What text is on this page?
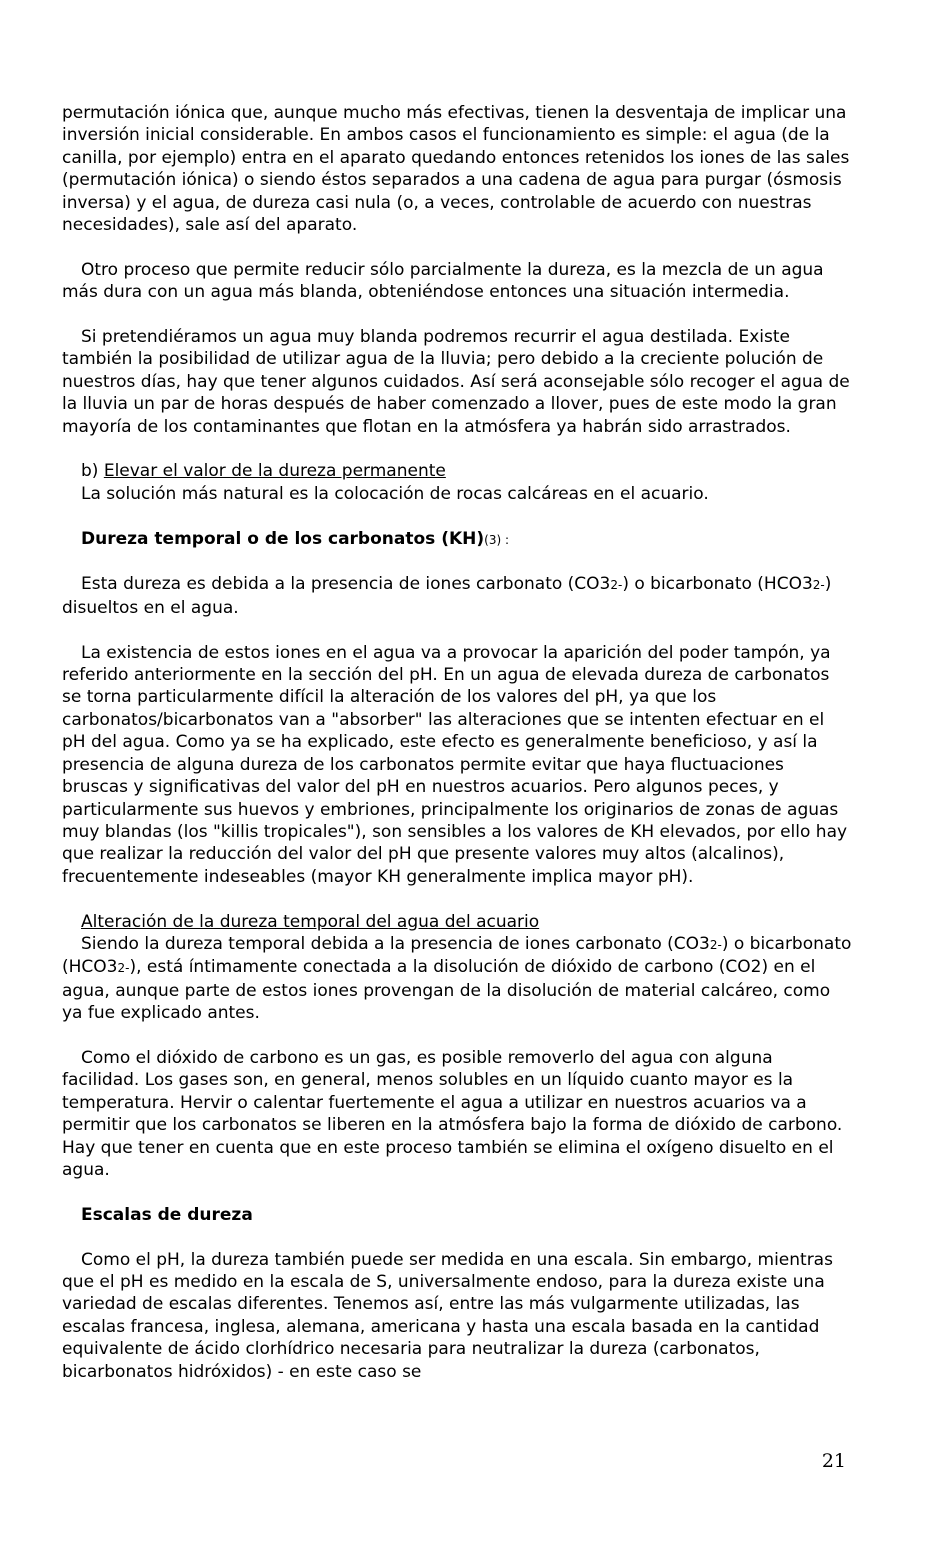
permutación iónica que, aunque mucho más efectivas, tienen la desventaja de implicar una inversión inicial considerable. En ambos casos el funcionamiento es simple: el agua (de la canilla, por ejemplo) entra en el aparato quedando entonces retenidos los iones de las sales (permutación iónica) o siendo éstos separados a una cadena de agua para purgar (ósmosis inversa) y el agua, de dureza casi nula (o, a veces, controlable de acuerdo con nuestras necesidades), sale así del aparato.

Otro proceso que permite reducir sólo parcialmente la dureza, es la mezcla de un agua más dura con un agua más blanda, obteniéndose entonces una situación intermedia.

Si pretendiéramos un agua muy blanda podremos recurrir el agua destilada. Existe también la posibilidad de utilizar agua de la lluvia; pero debido a la creciente polución de nuestros días, hay que tener algunos cuidados. Así será aconsejable sólo recoger el agua de la lluvia un par de horas después de haber comenzado a llover, pues de este modo la gran mayoría de los contaminantes que flotan en la atmósfera ya habrán sido arrastrados.

b) Elevar el valor de la dureza permanente

La solución más natural es la colocación de rocas calcáreas en el acuario.

Dureza temporal o de los carbonatos (KH)(3) :

Esta dureza es debida a la presencia de iones carbonato (CO32-) o bicarbonato (HCO32-) disueltos en el agua.

La existencia de estos iones en el agua va a provocar la aparición del poder tampón, ya referido anteriormente en la sección del pH. En un agua de elevada dureza de carbonatos se torna particularmente difícil la alteración de los valores del pH, ya que los carbonatos/bicarbonatos van a "absorber" las alteraciones que se intenten efectuar en el pH del agua. Como ya se ha explicado, este efecto es generalmente beneficioso, y así la presencia de alguna dureza de los carbonatos permite evitar que haya fluctuaciones bruscas y significativas del valor del pH en nuestros acuarios. Pero algunos peces, y particularmente sus huevos y embriones, principalmente los originarios de zonas de aguas muy blandas (los "killis tropicales"), son sensibles a los valores de KH elevados, por ello hay que realizar la reducción del valor del pH que presente valores muy altos (alcalinos), frecuentemente indeseables (mayor KH generalmente implica mayor pH).

Alteración de la dureza temporal del agua del acuario

Siendo la dureza temporal debida a la presencia de iones carbonato (CO32-) o bicarbonato (HCO32-), está íntimamente conectada a la disolución de dióxido de carbono (CO2) en el agua, aunque parte de estos iones provengan de la disolución de material calcáreo, como ya fue explicado antes.

Como el dióxido de carbono es un gas, es posible removerlo del agua con alguna facilidad. Los gases son, en general, menos solubles en un líquido cuanto mayor es la temperatura. Hervir o calentar fuertemente el agua a utilizar en nuestros acuarios va a permitir que los carbonatos se liberen en la atmósfera bajo la forma de dióxido de carbono. Hay que tener en cuenta que en este proceso también se elimina el oxígeno disuelto en el agua.

Escalas de dureza

Como el pH, la dureza también puede ser medida en una escala. Sin embargo, mientras que el pH es medido en la escala de S, universalmente endoso, para la dureza existe una variedad de escalas diferentes. Tenemos así, entre las más vulgarmente utilizadas, las escalas francesa, inglesa, alemana, americana y hasta una escala basada en la cantidad equivalente de ácido clorhídrico necesaria para neutralizar la dureza (carbonatos, bicarbonatos hidróxidos) - en este caso se

21
